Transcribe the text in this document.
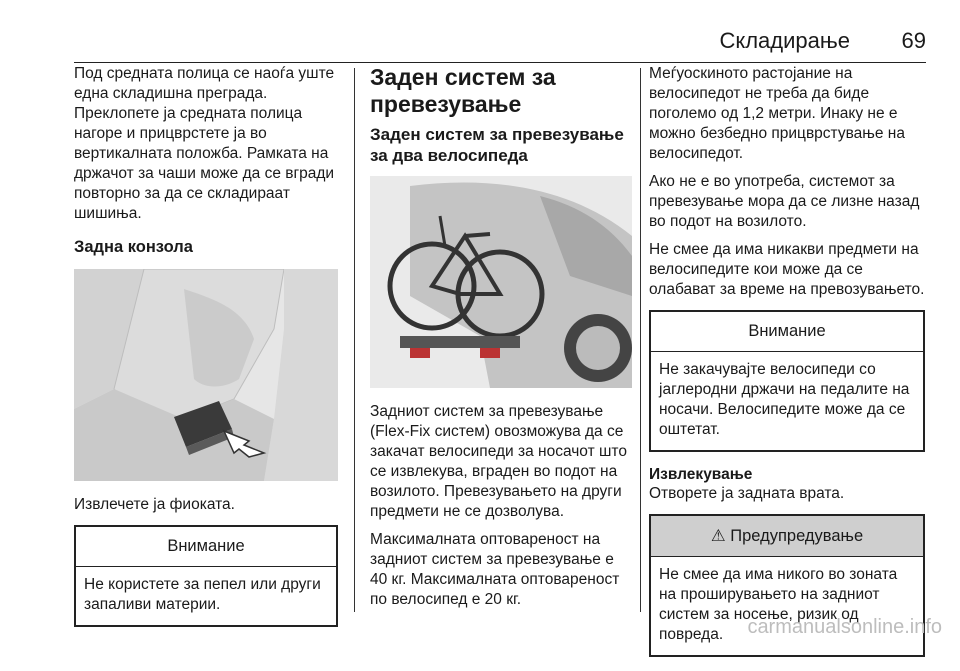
Складирање 69

Под средната полица се наоѓа уште една складишна преграда. Преклопете ја средната полица нагоре и прицврстете ја во вертикалната положба. Рамката на држачот за чаши може да се вгради повторно за да се складираат шишиња.

Задна конзола

Извлечете ја фиоката.

Внимание
Не користете за пепел или други запаливи материи.
Заден систем за превезување
Заден систем за превезување за два велосипеда

Задниот систем за превезување (Flex-Fix систем) овозможува да се закачат велосипеди за носачот што се извлекува, вграден во подот на возилото. Превезувањето на други предмети не се дозволува.

Максималната оптовареност на задниот систем за превезување е 40 кг. Максималната оптовареност по велосипед е 20 кг.

Меѓуоскиното растојание на велосипедот не треба да биде поголемо од 1,2 метри. Инаку не е можно безбедно прицврстување на велосипедот.

Ако не е во употреба, системот за превезување мора да се лизне назад во подот на возилото.

Не смее да има никакви предмети на велосипедите кои може да се олабават за време на превозувањето.

Внимание
Не закачувајте велосипеди со јаглеродни држачи на педалите на носачи. Велосипедите може да се оштетат.
Извлекување

Отворете ја задната врата.

⚠ Предупредување
Не смее да има никого во зоната на проширувањето на задниот систем за носење, ризик од повреда.	carmanualsonline.info
